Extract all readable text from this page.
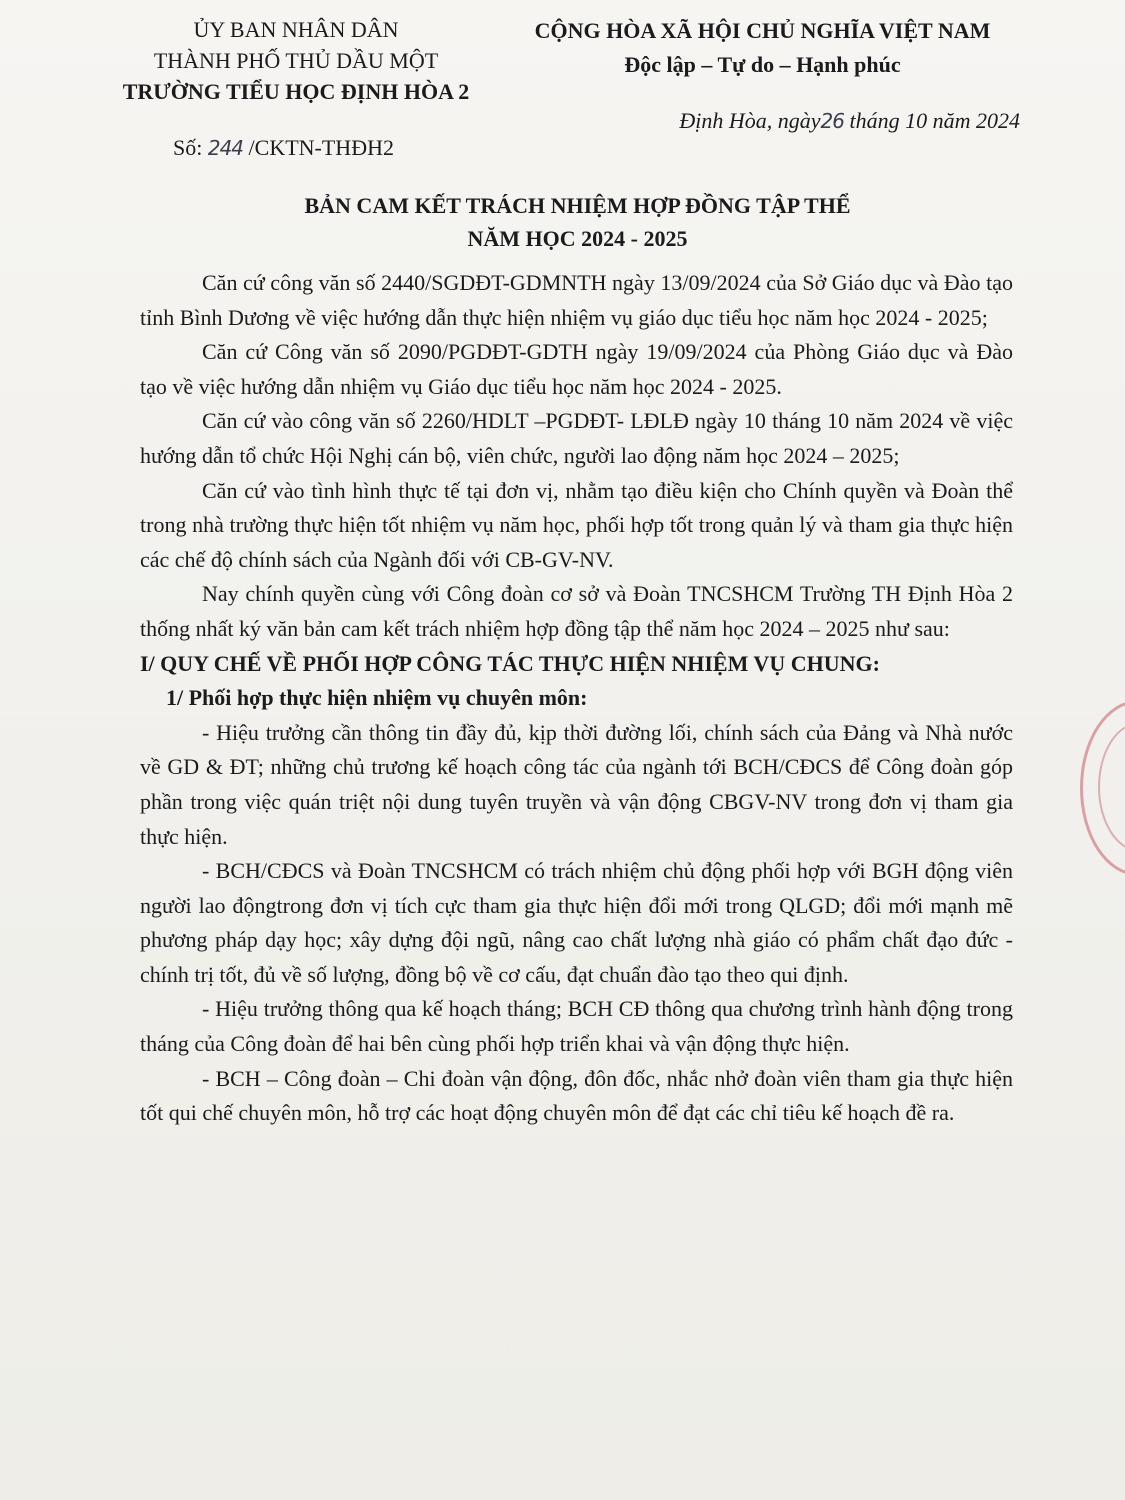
ỦY BAN NHÂN DÂN
THÀNH PHỐ THỦ DẦU MỘT
TRƯỜNG TIỂU HỌC ĐỊNH HÒA 2
CỘNG HÒA XÃ HỘI CHỦ NGHĨA VIỆT NAM
Độc lập – Tự do – Hạnh phúc
Định Hòa, ngày26 tháng 10 năm 2024
Số: 244 /CKTN-THĐH2
BẢN CAM KẾT TRÁCH NHIỆM HỢP ĐỒNG TẬP THỂ
NĂM HỌC 2024 - 2025

Căn cứ công văn số 2440/SGDĐT-GDMNTH ngày 13/09/2024 của Sở Giáo dục và Đào tạo tỉnh Bình Dương về việc hướng dẫn thực hiện nhiệm vụ giáo dục tiểu học năm học 2024 - 2025;

Căn cứ Công văn số 2090/PGDĐT-GDTH ngày 19/09/2024 của Phòng Giáo dục và Đào tạo về việc hướng dẫn nhiệm vụ Giáo dục tiểu học năm học 2024 - 2025.

Căn cứ vào công văn số 2260/HDLT –PGDĐT- LĐLĐ ngày 10 tháng 10 năm 2024 về việc hướng dẫn tổ chức Hội Nghị cán bộ, viên chức, người lao động năm học 2024 – 2025;

Căn cứ vào tình hình thực tế tại đơn vị, nhằm tạo điều kiện cho Chính quyền và Đoàn thể trong nhà trường thực hiện tốt nhiệm vụ năm học, phối hợp tốt trong quản lý và tham gia thực hiện các chế độ chính sách của Ngành đối với CB-GV-NV.

Nay chính quyền cùng với Công đoàn cơ sở và Đoàn TNCSHCM Trường TH Định Hòa 2 thống nhất ký văn bản cam kết trách nhiệm hợp đồng tập thể năm học 2024 – 2025 như sau:

I/ QUY CHẾ VỀ PHỐI HỢP CÔNG TÁC THỰC HIỆN NHIỆM VỤ CHUNG:
1/ Phối hợp thực hiện nhiệm vụ chuyên môn:

- Hiệu trưởng cần thông tin đầy đủ, kịp thời đường lối, chính sách của Đảng và Nhà nước về GD & ĐT; những chủ trương kế hoạch công tác của ngành tới BCH/CĐCS để Công đoàn góp phần trong việc quán triệt nội dung tuyên truyền và vận động CBGV-NV trong đơn vị tham gia thực hiện.

- BCH/CĐCS và Đoàn TNCSHCM có trách nhiệm chủ động phối hợp với BGH động viên người lao độngtrong đơn vị tích cực tham gia thực hiện đổi mới trong QLGD; đổi mới mạnh mẽ phương pháp dạy học; xây dựng đội ngũ, nâng cao chất lượng nhà giáo có phẩm chất đạo đức - chính trị tốt, đủ về số lượng, đồng bộ về cơ cấu, đạt chuẩn đào tạo theo qui định.

- Hiệu trưởng thông qua kế hoạch tháng; BCH CĐ thông qua chương trình hành động trong tháng của Công đoàn để hai bên cùng phối hợp triển khai và vận động thực hiện.

- BCH – Công đoàn – Chi đoàn vận động, đôn đốc, nhắc nhở đoàn viên tham gia thực hiện tốt qui chế chuyên môn, hỗ trợ các hoạt động chuyên môn để đạt các chỉ tiêu kế hoạch đề ra.
